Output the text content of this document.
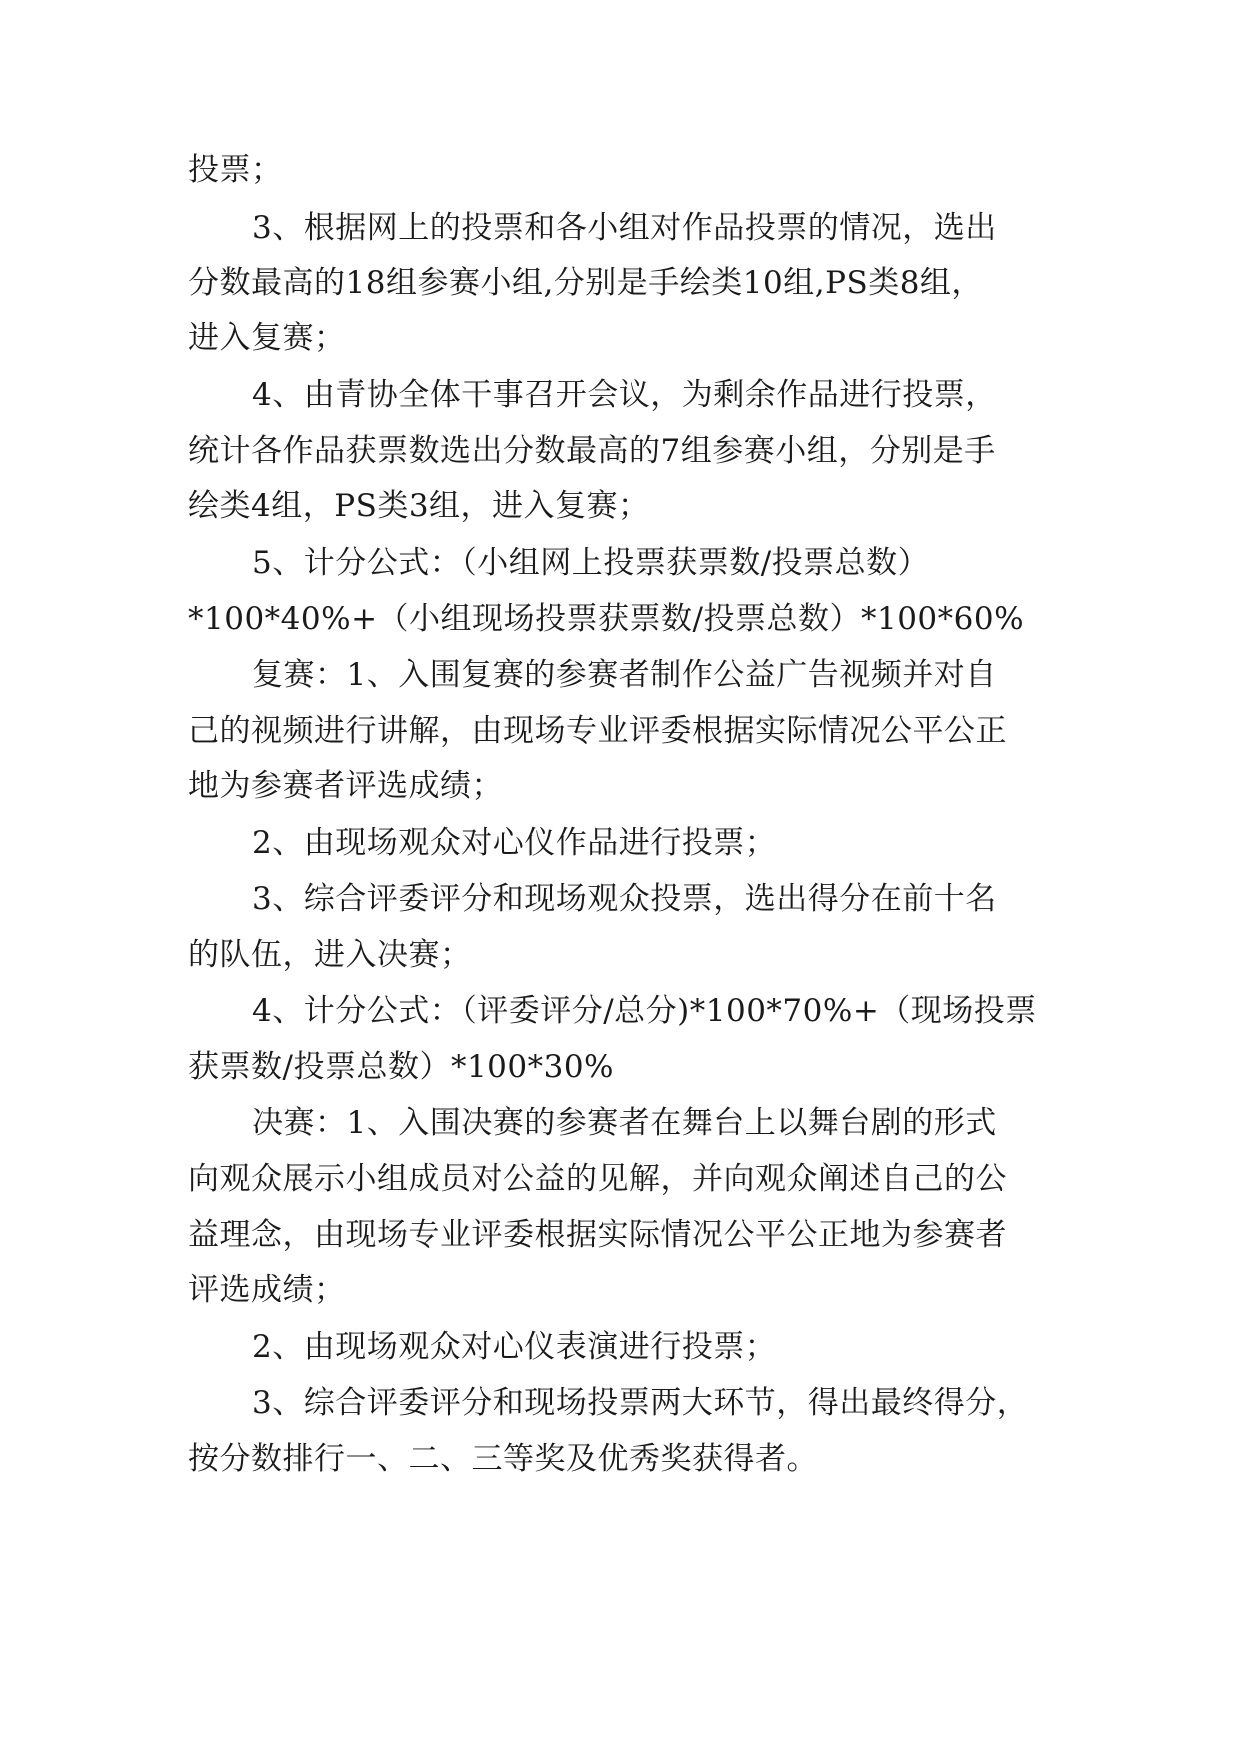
投票；
3、根据网上的投票和各小组对作品投票的情况，选出
分数最高的18组参赛小组,分别是手绘类10组,PS类8组，
进入复赛；
4、由青协全体干事召开会议，为剩余作品进行投票，
统计各作品获票数选出分数最高的7组参赛小组，分别是手
绘类4组，PS类3组，进入复赛；
5、计分公式：（小组网上投票获票数/投票总数）
*100*40%+（小组现场投票获票数/投票总数）*100*60%
复赛：1、入围复赛的参赛者制作公益广告视频并对自
己的视频进行讲解，由现场专业评委根据实际情况公平公正
地为参赛者评选成绩；
2、由现场观众对心仪作品进行投票；
3、综合评委评分和现场观众投票，选出得分在前十名
的队伍，进入决赛；
4、计分公式：（评委评分/总分)*100*70%+（现场投票
获票数/投票总数）*100*30%
决赛：1、入围决赛的参赛者在舞台上以舞台剧的形式
向观众展示小组成员对公益的见解，并向观众阐述自己的公
益理念，由现场专业评委根据实际情况公平公正地为参赛者
评选成绩；
2、由现场观众对心仪表演进行投票；
3、综合评委评分和现场投票两大环节，得出最终得分，
按分数排行一、二、三等奖及优秀奖获得者。
